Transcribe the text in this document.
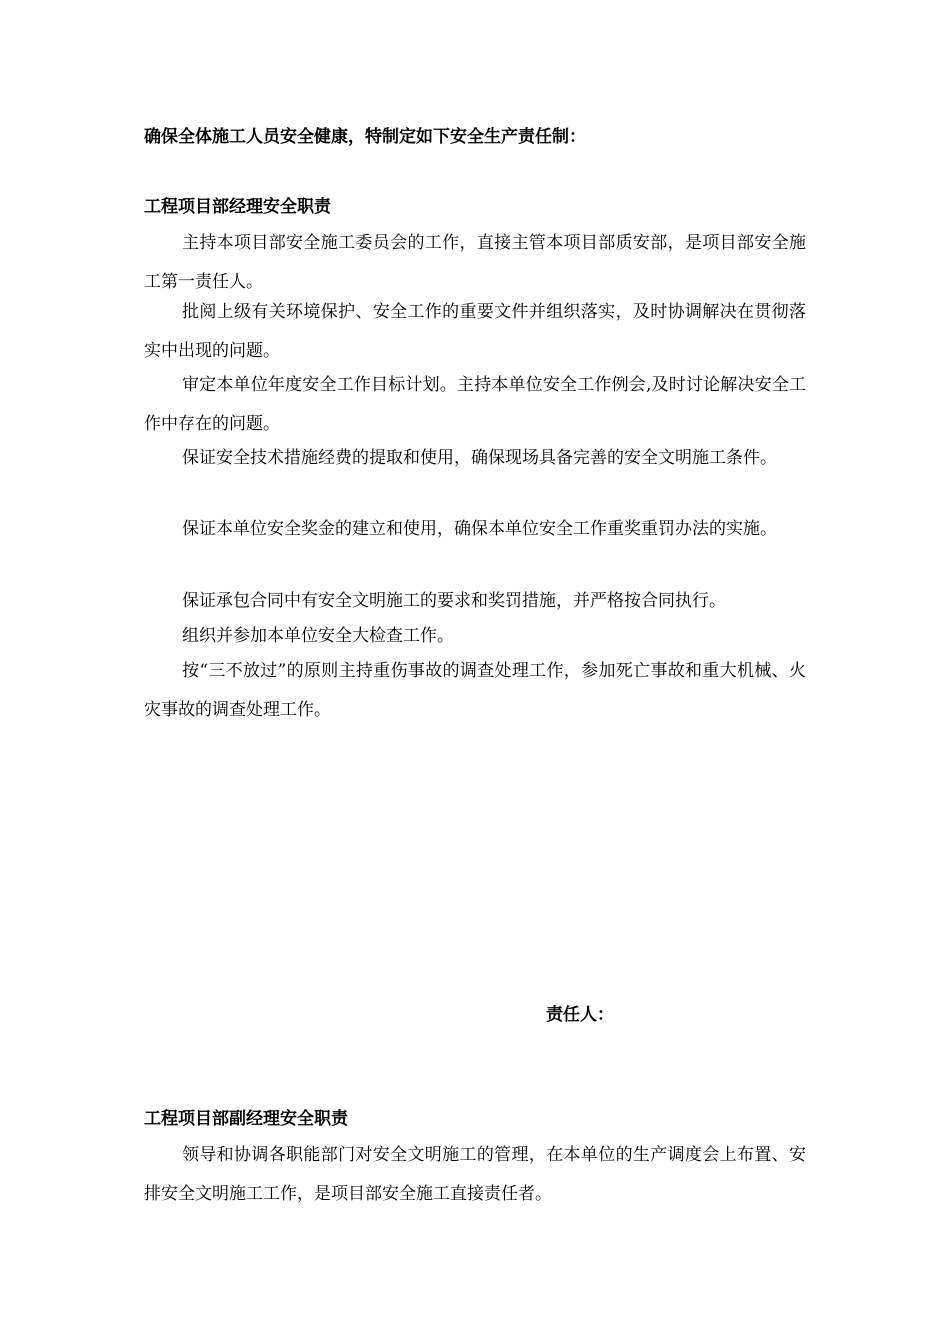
确保全体施工人员安全健康，特制定如下安全生产责任制：
工程项目部经理安全职责
主持本项目部安全施工委员会的工作，直接主管本项目部质安部，是项目部安全施工第一责任人。
批阅上级有关环境保护、安全工作的重要文件并组织落实，及时协调解决在贯彻落实中出现的问题。
审定本单位年度安全工作目标计划。主持本单位安全工作例会,及时讨论解决安全工作中存在的问题。
保证安全技术措施经费的提取和使用，确保现场具备完善的安全文明施工条件。
保证本单位安全奖金的建立和使用，确保本单位安全工作重奖重罚办法的实施。
保证承包合同中有安全文明施工的要求和奖罚措施，并严格按合同执行。
组织并参加本单位安全大检查工作。
按“三不放过”的原则主持重伤事故的调查处理工作，参加死亡事故和重大机械、火灾事故的调查处理工作。
责任人：
工程项目部副经理安全职责
领导和协调各职能部门对安全文明施工的管理，在本单位的生产调度会上布置、安排安全文明施工工作，是项目部安全施工直接责任者。
